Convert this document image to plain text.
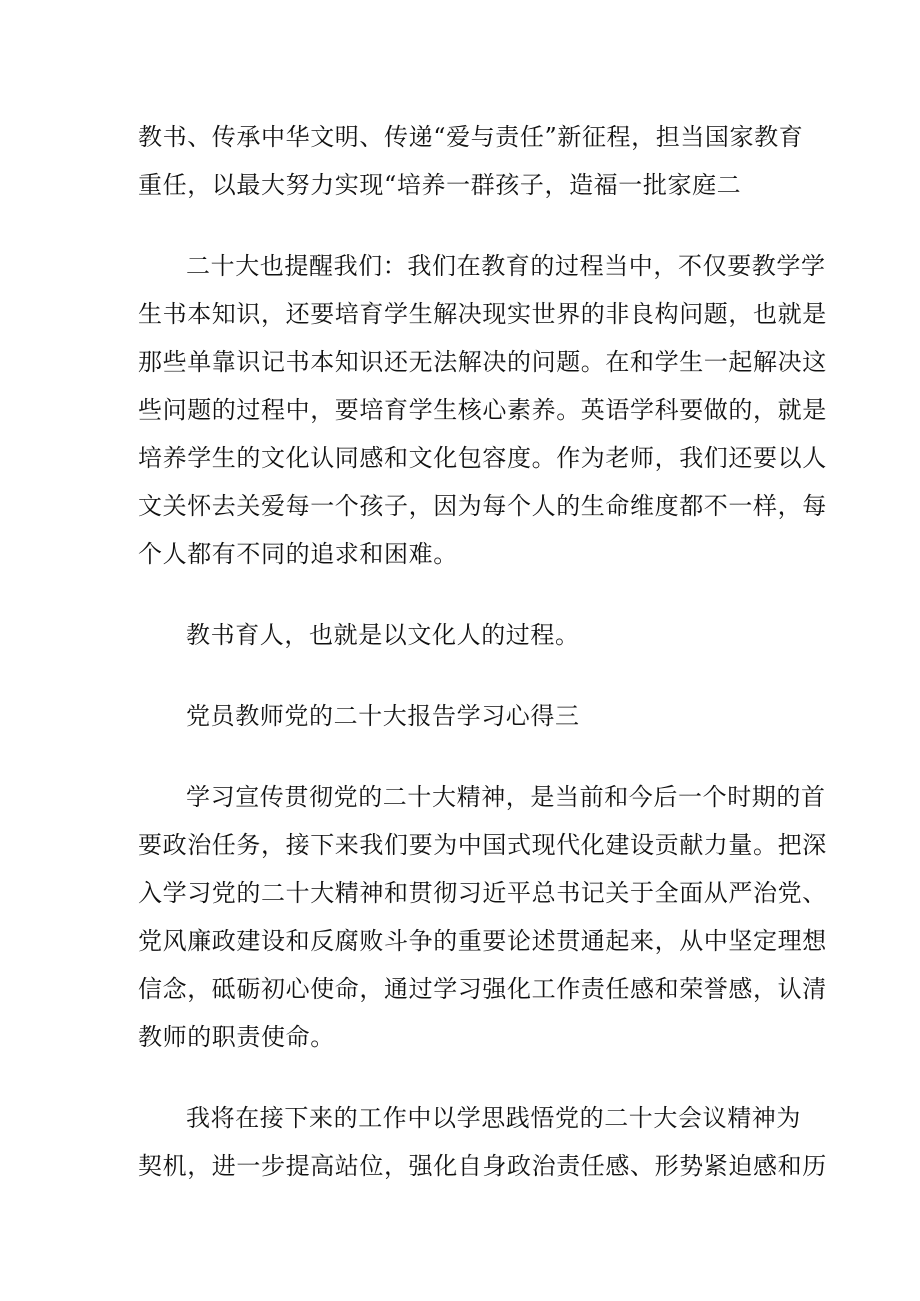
教书、传承中华文明、传递“爱与责任”新征程，担当国家教育
重任，以最大努力实现“培养一群孩子，造福一批家庭二
二十大也提醒我们：我们在教育的过程当中，不仅要教学学
生书本知识，还要培育学生解决现实世界的非良构问题，也就是
那些单靠识记书本知识还无法解决的问题。在和学生一起解决这
些问题的过程中，要培育学生核心素养。英语学科要做的，就是
培养学生的文化认同感和文化包容度。作为老师，我们还要以人
文关怀去关爱每一个孩子，因为每个人的生命维度都不一样，每
个人都有不同的追求和困难。
教书育人，也就是以文化人的过程。
党员教师党的二十大报告学习心得三
学习宣传贯彻党的二十大精神，是当前和今后一个时期的首
要政治任务，接下来我们要为中国式现代化建设贡献力量。把深
入学习党的二十大精神和贯彻习近平总书记关于全面从严治党、
党风廉政建设和反腐败斗争的重要论述贯通起来，从中坚定理想
信念，砥砺初心使命，通过学习强化工作责任感和荣誉感，认清
教师的职责使命。
我将在接下来的工作中以学思践悟党的二十大会议精神为
契机，进一步提高站位，强化自身政治责任感、形势紧迫感和历
